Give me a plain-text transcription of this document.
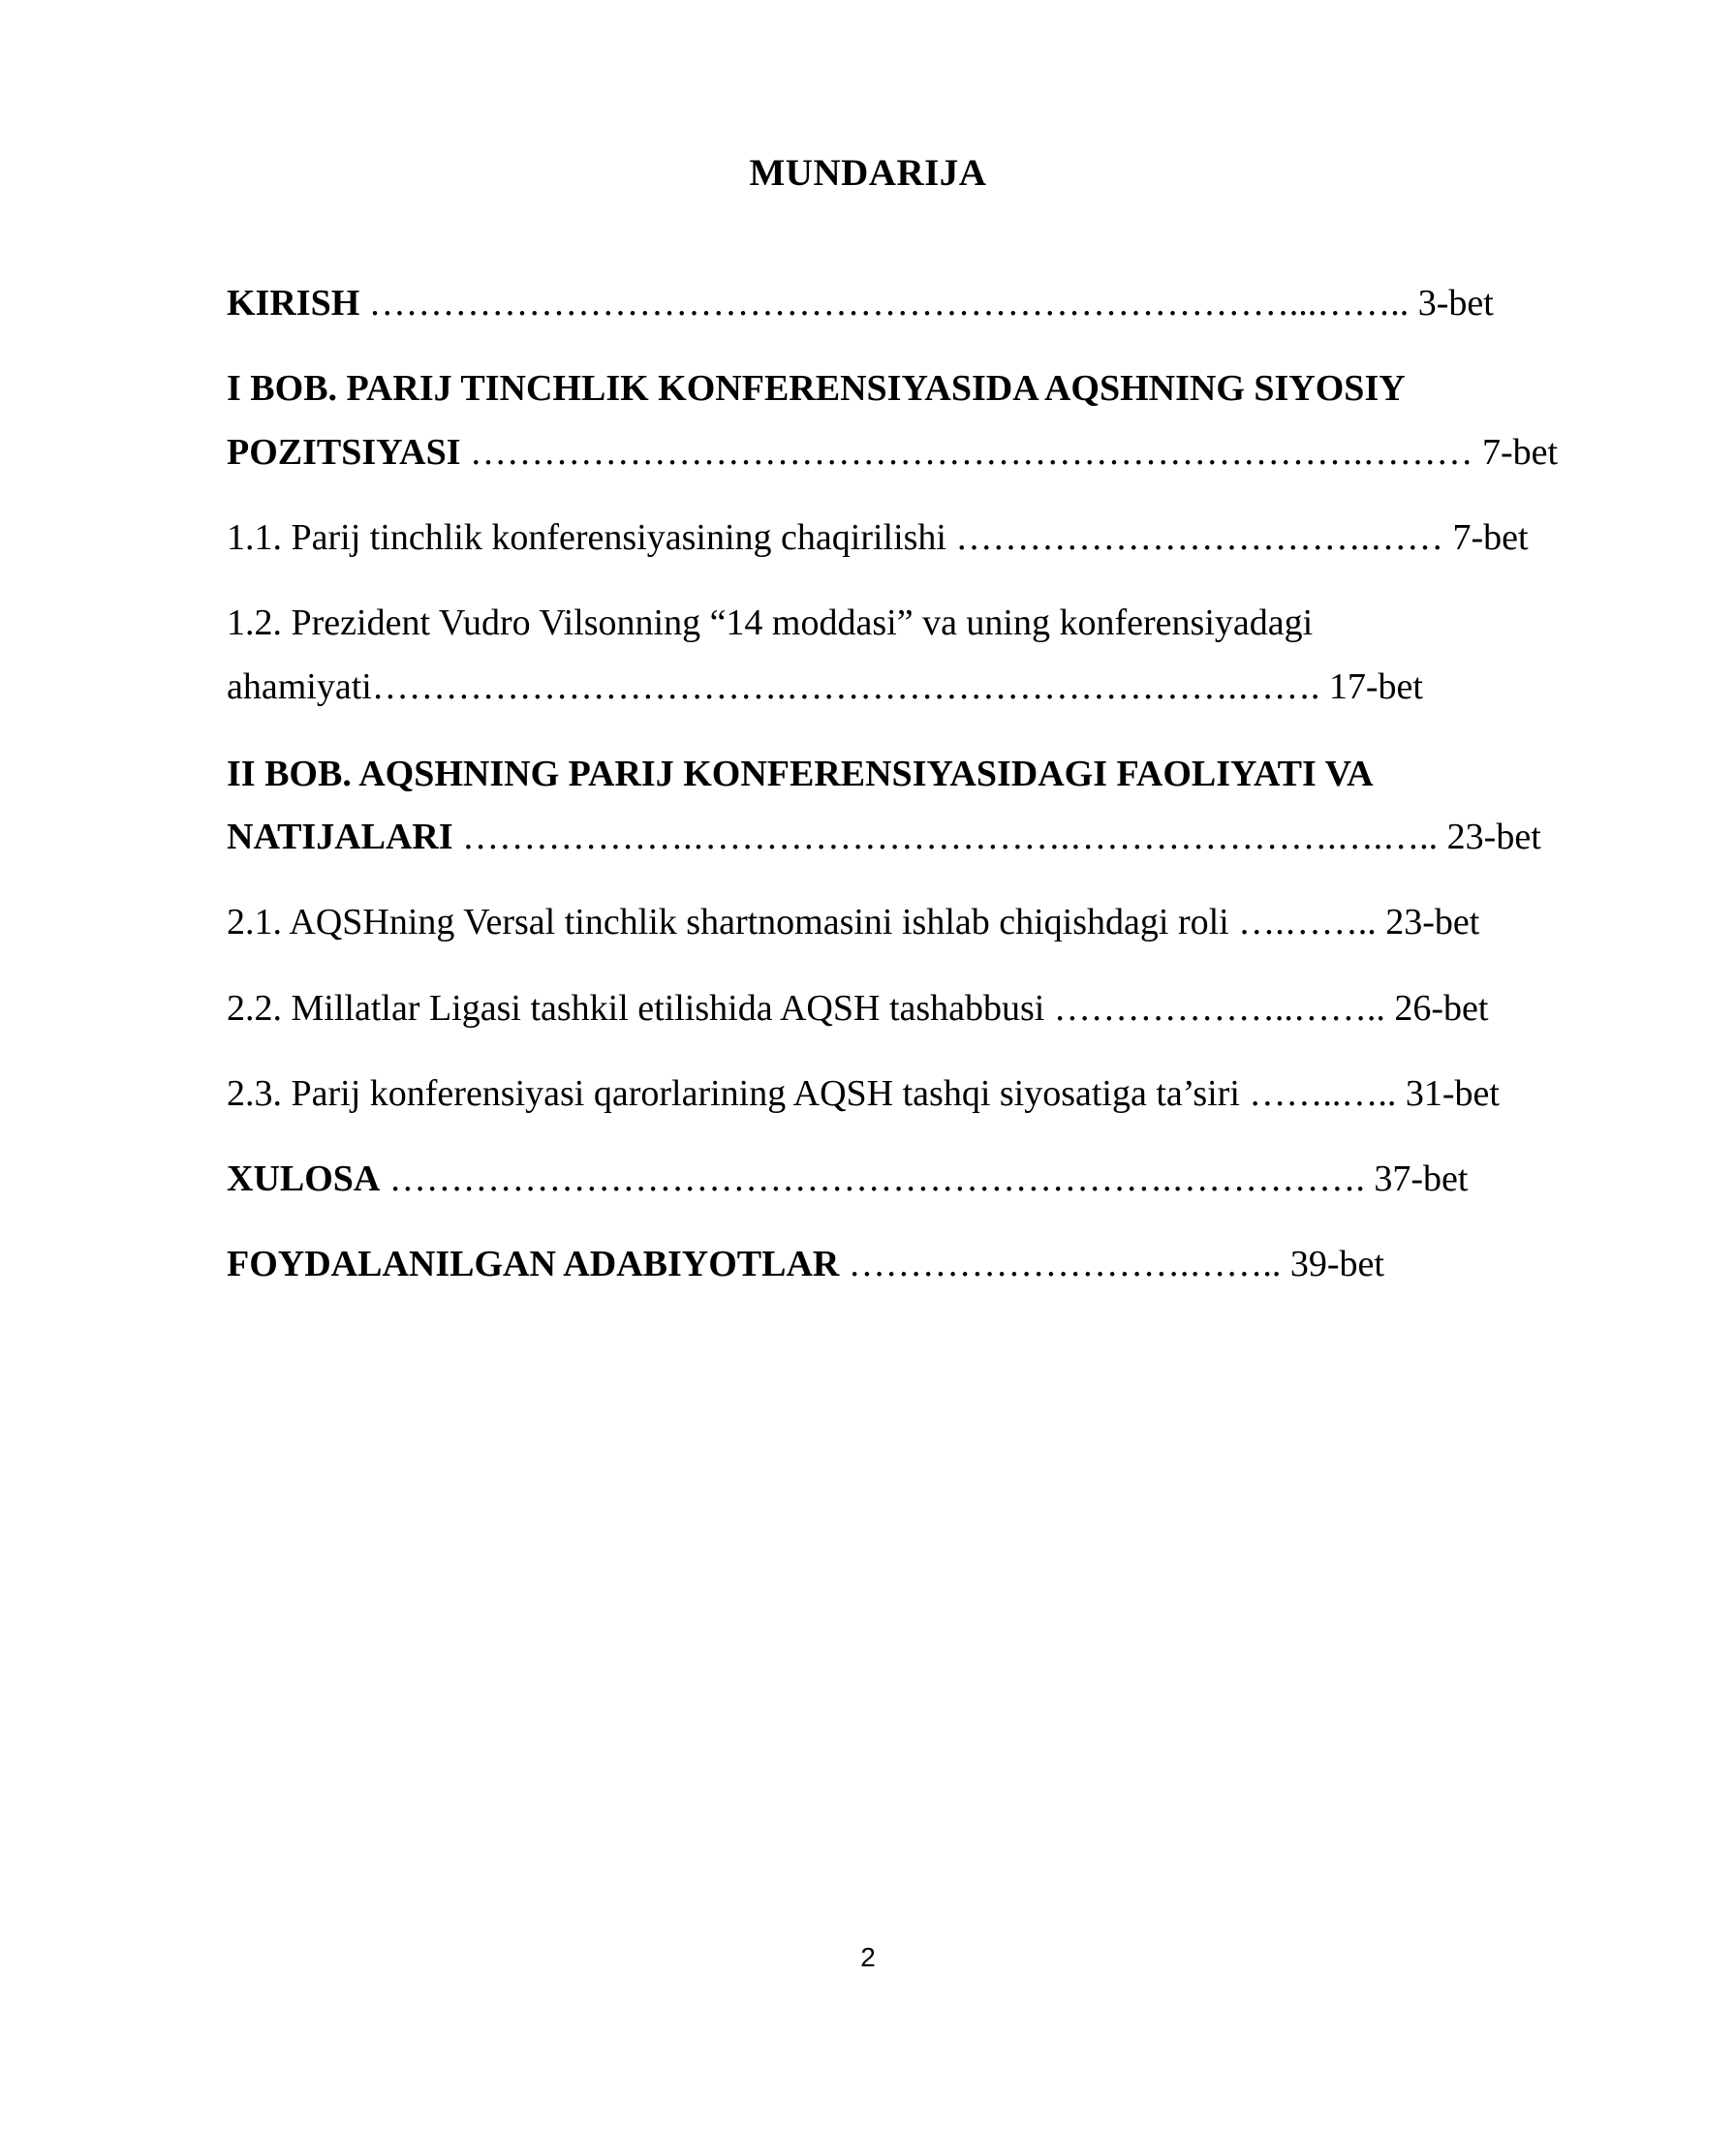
MUNDARIJA
KIRISH …………………………………………………………………...…….. 3-bet
I BOB. PARIJ TINCHLIK KONFERENSIYASIDA AQSHNING SIYOSIY
POZITSIYASI ……………………………………………………………….……… 7-bet
1.1. Parij tinchlik konferensiyasining chaqirilishi …………………………….…… 7-bet
1.2. Prezident Vudro Vilsonning “14 moddasi” va uning konferensiyadagi
ahamiyati…………………………….……………………………….……. 17-bet
II BOB. AQSHNING PARIJ KONFERENSIYASIDAGI FAOLIYATI VA
NATIJALARI ……………….………………………….………………….….….. 23-bet
2.1. AQSHning Versal tinchlik shartnomasini ishlab chiqishdagi roli ….…….. 23-bet
2.2. Millatlar Ligasi tashkil etilishida AQSH tashabbusi ………………..…….. 26-bet
2.3. Parij konferensiyasi qarorlarining AQSH tashqi siyosatiga ta’siri ……..….. 31-bet
XULOSA ……………………………………………………….……………. 37-bet
FOYDALANILGAN ADABIYOTLAR ……………………….…….. 39-bet
2
